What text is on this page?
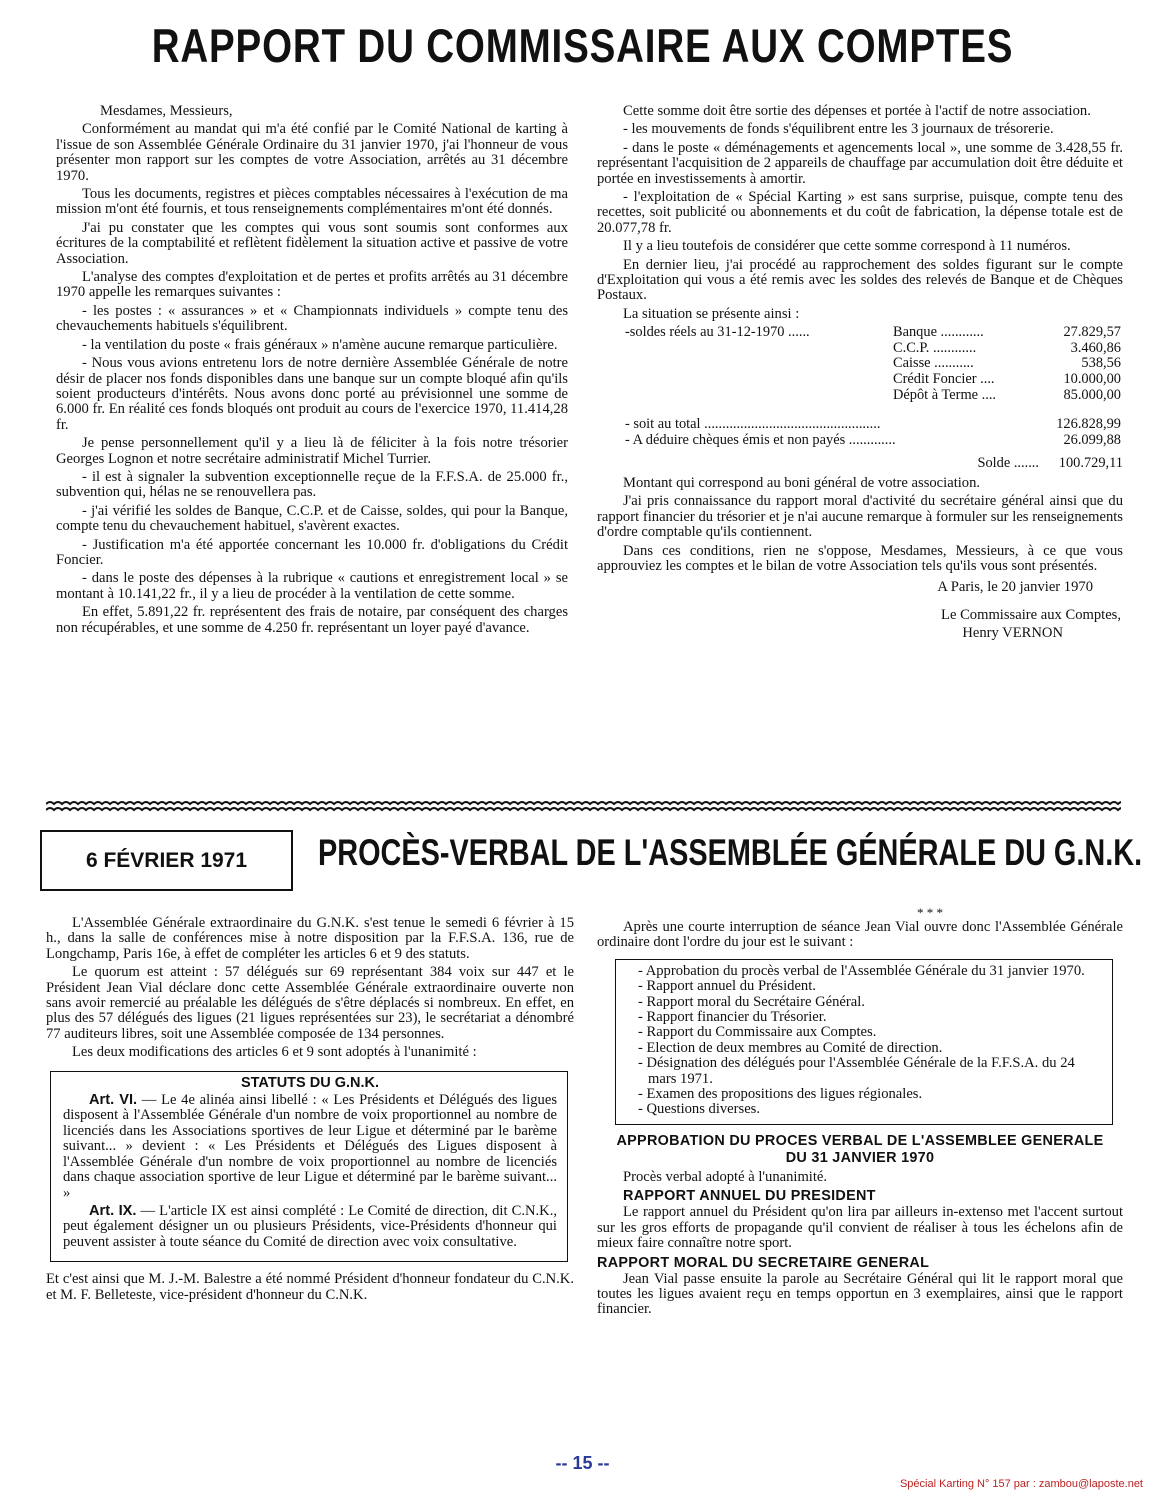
RAPPORT DU COMMISSAIRE AUX COMPTES

Mesdames, Messieurs,

Conformément au mandat qui m'a été confié par le Comité National de karting à l'issue de son Assemblée Générale Ordinaire du 31 janvier 1970, j'ai l'honneur de vous présenter mon rapport sur les comptes de votre Association, arrêtés au 31 décembre 1970.

Tous les documents, registres et pièces comptables nécessaires à l'exécution de ma mission m'ont été fournis, et tous renseignements complémentaires m'ont été donnés.

J'ai pu constater que les comptes qui vous sont soumis sont conformes aux écritures de la comptabilité et reflètent fidèlement la situation active et passive de votre Association.

L'analyse des comptes d'exploitation et de pertes et profits arrêtés au 31 décembre 1970 appelle les remarques suivantes :

- les postes : « assurances » et « Championnats individuels » compte tenu des chevauchements habituels s'équilibrent.

- la ventilation du poste « frais généraux » n'amène aucune remarque particulière.

- Nous vous avions entretenu lors de notre dernière Assemblée Générale de notre désir de placer nos fonds disponibles dans une banque sur un compte bloqué afin qu'ils soient producteurs d'intérêts. Nous avons donc porté au prévisionnel une somme de 6.000 fr. En réalité ces fonds bloqués ont produit au cours de l'exercice 1970, 11.414,28 fr.

Je pense personnellement qu'il y a lieu là de féliciter à la fois notre trésorier Georges Lognon et notre secrétaire administratif Michel Turrier.

- il est à signaler la subvention exceptionnelle reçue de la F.F.S.A. de 25.000 fr., subvention qui, hélas ne se renouvellera pas.

- j'ai vérifié les soldes de Banque, C.C.P. et de Caisse, soldes, qui pour la Banque, compte tenu du chevauchement habituel, s'avèrent exactes.

- Justification m'a été apportée concernant les 10.000 fr. d'obligations du Crédit Foncier.

- dans le poste des dépenses à la rubrique « cautions et enregistrement local » se montant à 10.141,22 fr., il y a lieu de procéder à la ventilation de cette somme.

En effet, 5.891,22 fr. représentent des frais de notaire, par conséquent des charges non récupérables, et une somme de 4.250 fr. représentant un loyer payé d'avance.

Cette somme doit être sortie des dépenses et portée à l'actif de notre association.

- les mouvements de fonds s'équilibrent entre les 3 journaux de trésorerie.

- dans le poste « déménagements et agencements local », une somme de 3.428,55 fr. représentant l'acquisition de 2 appareils de chauffage par accumulation doit être déduite et portée en investissements à amortir.

- l'exploitation de « Spécial Karting » est sans surprise, puisque, compte tenu des recettes, soit publicité ou abonnements et du coût de fabrication, la dépense totale est de 20.077,78 fr.

Il y a lieu toutefois de considérer que cette somme correspond à 11 numéros.

En dernier lieu, j'ai procédé au rapprochement des soldes figurant sur le compte d'Exploitation qui vous a été remis avec les soldes des relevés de Banque et de Chèques Postaux.

La situation se présente ainsi :

-soldes réels au 31-12-1970 ......	Banque ............	27.829,57
C.C.P. ............	3.460,86
Caisse ...........	538,56
Crédit Foncier ....	10.000,00
Dépôt à Terme ....	85.000,00
- soit au total .................................................	126.828,99
- A déduire chèques émis et non payés .............	26.099,88
Solde .......	100.729,11

Montant qui correspond au boni général de votre association.

J'ai pris connaissance du rapport moral d'activité du secrétaire général ainsi que du rapport financier du trésorier et je n'ai aucune remarque à formuler sur les renseignements d'ordre comptable qu'ils contiennent.

Dans ces conditions, rien ne s'oppose, Mesdames, Messieurs, à ce que vous approuviez les comptes et le bilan de votre Association tels qu'ils vous sont présentés.

A Paris, le 20 janvier 1970
Le Commissaire aux Comptes,
Henry VERNON
6 FÉVRIER 1971 PROCÈS-VERBAL DE L'ASSEMBLÉE GÉNÉRALE DU G.N.K.

L'Assemblée Générale extraordinaire du G.N.K. s'est tenue le semedi 6 février à 15 h., dans la salle de conférences mise à notre disposition par la F.F.S.A. 136, rue de Longchamp, Paris 16e, à effet de compléter les articles 6 et 9 des statuts.

Le quorum est atteint : 57 délégués sur 69 représentant 384 voix sur 447 et le Président Jean Vial déclare donc cette Assemblée Générale extraordinaire ouverte non sans avoir remercié au préalable les délégués de s'être déplacés si nombreux. En effet, en plus des 57 délégués des ligues (21 ligues représentées sur 23), le secrétariat a dénombré 77 auditeurs libres, soit une Assemblée composée de 134 personnes.

Les deux modifications des articles 6 et 9 sont adoptés à l'unanimité :

STATUTS DU G.N.K.

Art. VI. — Le 4e alinéa ainsi libellé : « Les Présidents et Délégués des ligues disposent à l'Assemblée Générale d'un nombre de voix proportionnel au nombre de licenciés dans les Associations sportives de leur Ligue et déterminé par le barème suivant... » devient : « Les Présidents et Délégués des Ligues disposent à l'Assemblée Générale d'un nombre de voix proportionnel au nombre de licenciés dans chaque association sportive de leur Ligue et déterminé par le barème suivant... »

Art. IX. — L'article IX est ainsi complété : Le Comité de direction, dit C.N.K., peut également désigner un ou plusieurs Présidents, vice-Présidents d'honneur qui peuvent assister à toute séance du Comité de direction avec voix consultative.

Et c'est ainsi que M. J.-M. Balestre a été nommé Président d'honneur fondateur du C.N.K. et M. F. Belleteste, vice-président d'honneur du C.N.K.

* * *

Après une courte interruption de séance Jean Vial ouvre donc l'Assemblée Générale ordinaire dont l'ordre du jour est le suivant :

- Approbation du procès verbal de l'Assemblée Générale du 31 janvier 1970.
- Rapport annuel du Président.
- Rapport moral du Secrétaire Général.
- Rapport financier du Trésorier.
- Rapport du Commissaire aux Comptes.
- Election de deux membres au Comité de direction.
- Désignation des délégués pour l'Assemblée Générale de la F.F.S.A. du 24 mars 1971.
- Examen des propositions des ligues régionales.
- Questions diverses.
APPROBATION DU PROCES VERBAL DE L'ASSEMBLEE GENERALE DU 31 JANVIER 1970

Procès verbal adopté à l'unanimité.

RAPPORT ANNUEL DU PRESIDENT

Le rapport annuel du Président qu'on lira par ailleurs in-extenso met l'accent surtout sur les gros efforts de propagande qu'il convient de réaliser à tous les échelons afin de mieux faire connaître notre sport.

RAPPORT MORAL DU SECRETAIRE GENERAL

Jean Vial passe ensuite la parole au Secrétaire Général qui lit le rapport moral que toutes les ligues avaient reçu en temps opportun en 3 exemplaires, ainsi que le rapport financier.

-- 15 --
Spécial Karting N° 157 par : zambou@laposte.net
